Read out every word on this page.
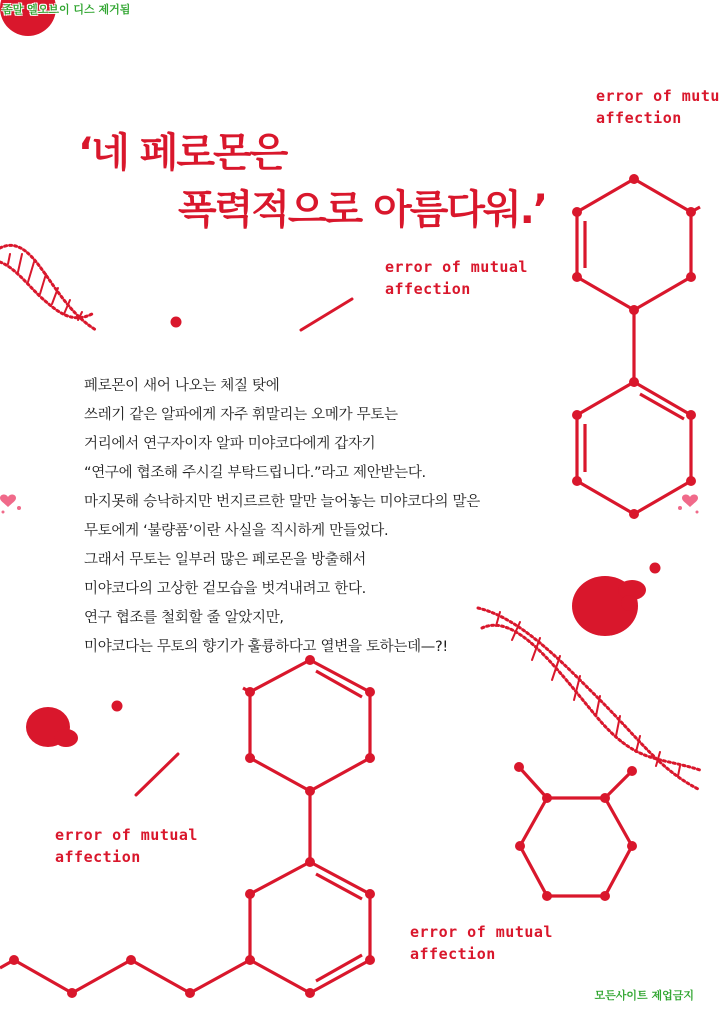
좀말 엘오브이 디스 제거됨
‘네 페로몬은
폭력적으로 아름다워.’
error of mutu
affection
error of mutual
affection
error of mutual
affection
error of mutual
affection
페로몬이 새어 나오는 체질 탓에
쓰레기 같은 알파에게 자주 휘말리는 오메가 무토는
거리에서 연구자이자 알파 미야코다에게 갑자기
“연구에 협조해 주시길 부탁드립니다.”라고 제안받는다.
마지못해 승낙하지만 번지르르한 말만 늘어놓는 미야코다의 말은
무토에게 ‘불량품’이란 사실을 직시하게 만들었다.
그래서 무토는 일부러 많은 페로몬을 방출해서
미야코다의 고상한 겉모습을 벗겨내려고 한다.
연구 협조를 철회할 줄 알았지만,
미야코다는 무토의 향기가 훌륭하다고 열변을 토하는데—?!
모든사이트 제업금지
